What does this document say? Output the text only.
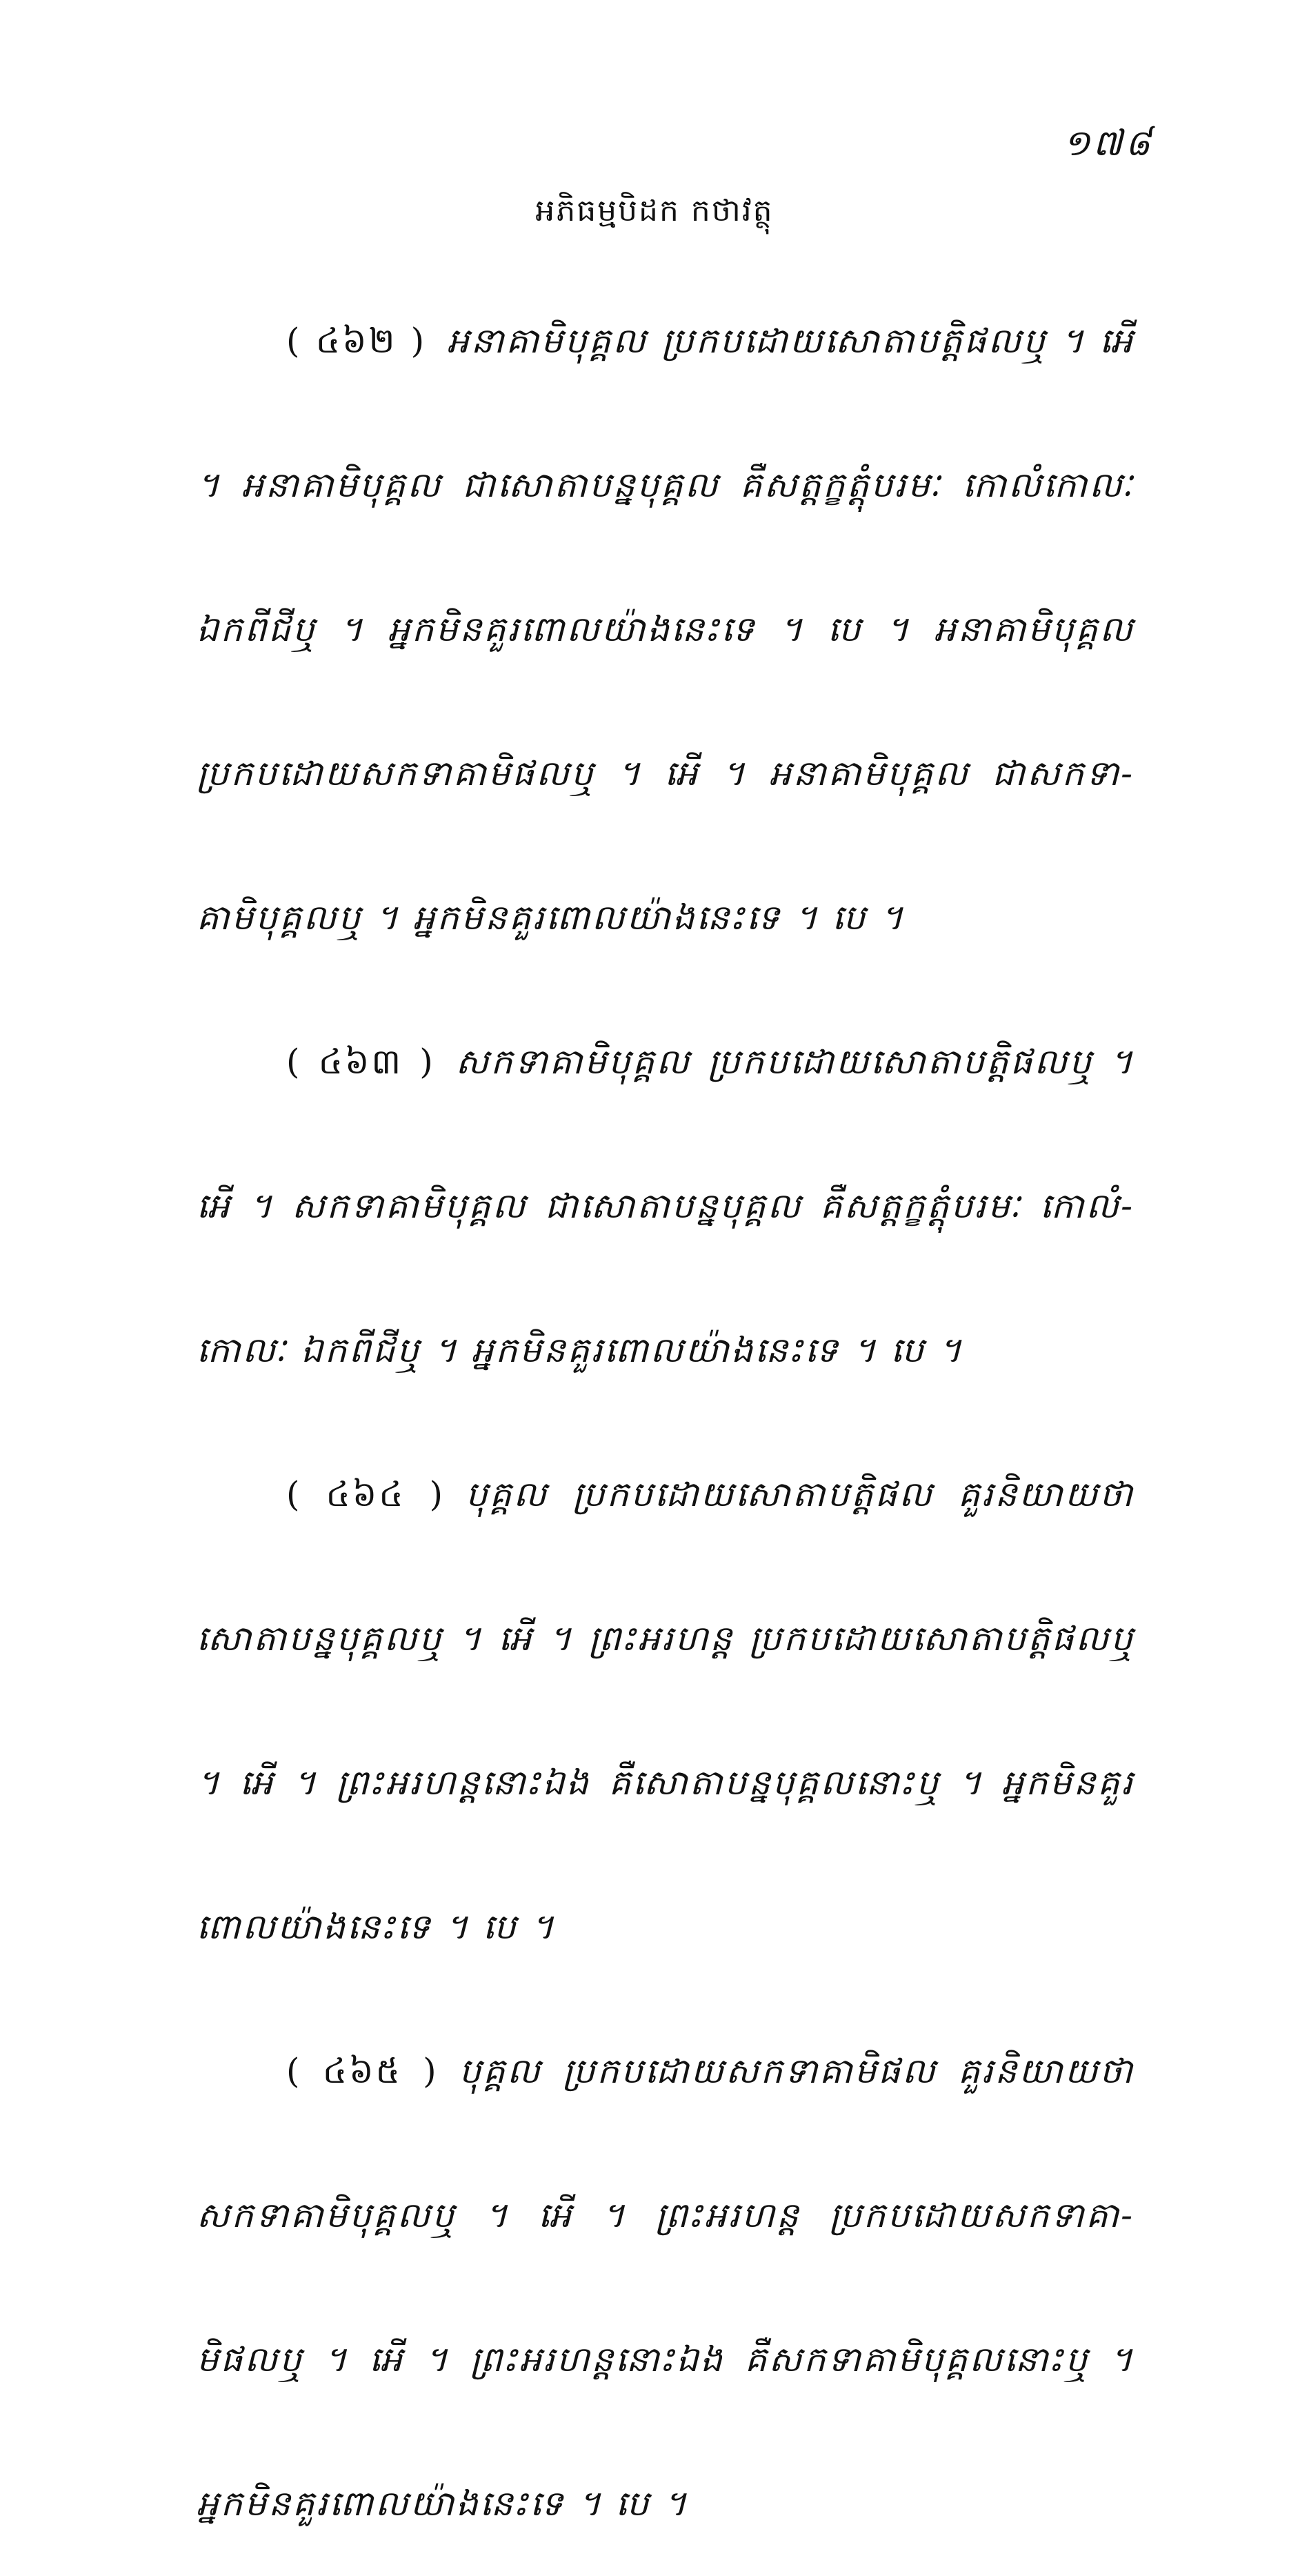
១៧៨
អភិធម្មបិដក កថាវត្ថុ

( ៤៦២ ) អនាគាមិបុគ្គល ប្រកបដោយសោតាបត្តិផលឬ ។ អើ ។ អនាគាមិបុគ្គល ជាសោតាបន្នបុគ្គល គឺសត្តក្ខត្តុំបរមៈ កោលំកោលៈ ឯកពីជីឬ ។ អ្នកមិនគួរពោលយ៉ាងនេះទេ ។ បេ ។ អនាគាមិបុគ្គល ប្រកបដោយសកទាគាមិផលឬ ។ អើ ។ អនាគាមិបុគ្គល ជាសកទា-គាមិបុគ្គលឬ ។ អ្នកមិនគួរពោលយ៉ាងនេះទេ ។ បេ ។

( ៤៦៣ ) សកទាគាមិបុគ្គល ប្រកបដោយសោតាបត្តិផលឬ ។ អើ ។ សកទាគាមិបុគ្គល ជាសោតាបន្នបុគ្គល គឺសត្តក្ខត្តុំបរមៈ កោលំ-កោលៈ ឯកពីជីឬ ។ អ្នកមិនគួរពោលយ៉ាងនេះទេ ។ បេ ។

( ៤៦៤ ) បុគ្គល ប្រកបដោយសោតាបត្តិផល គួរនិយាយថា សោតាបន្នបុគ្គលឬ ។ អើ ។ ព្រះអរហន្ត ប្រកបដោយសោតាបត្តិផលឬ ។ អើ ។ ព្រះអរហន្តនោះឯង គឺសោតាបន្នបុគ្គលនោះឬ ។ អ្នកមិនគួរពោលយ៉ាងនេះទេ ។ បេ ។

( ៤៦៥ ) បុគ្គល ប្រកបដោយសកទាគាមិផល គួរនិយាយថា សកទាគាមិបុគ្គលឬ ។ អើ ។ ព្រះអរហន្ត ប្រកបដោយសកទាគា-មិផលឬ ។ អើ ។ ព្រះអរហន្តនោះឯង គឺសកទាគាមិបុគ្គលនោះឬ ។ អ្នកមិនគួរពោលយ៉ាងនេះទេ ។ បេ ។
